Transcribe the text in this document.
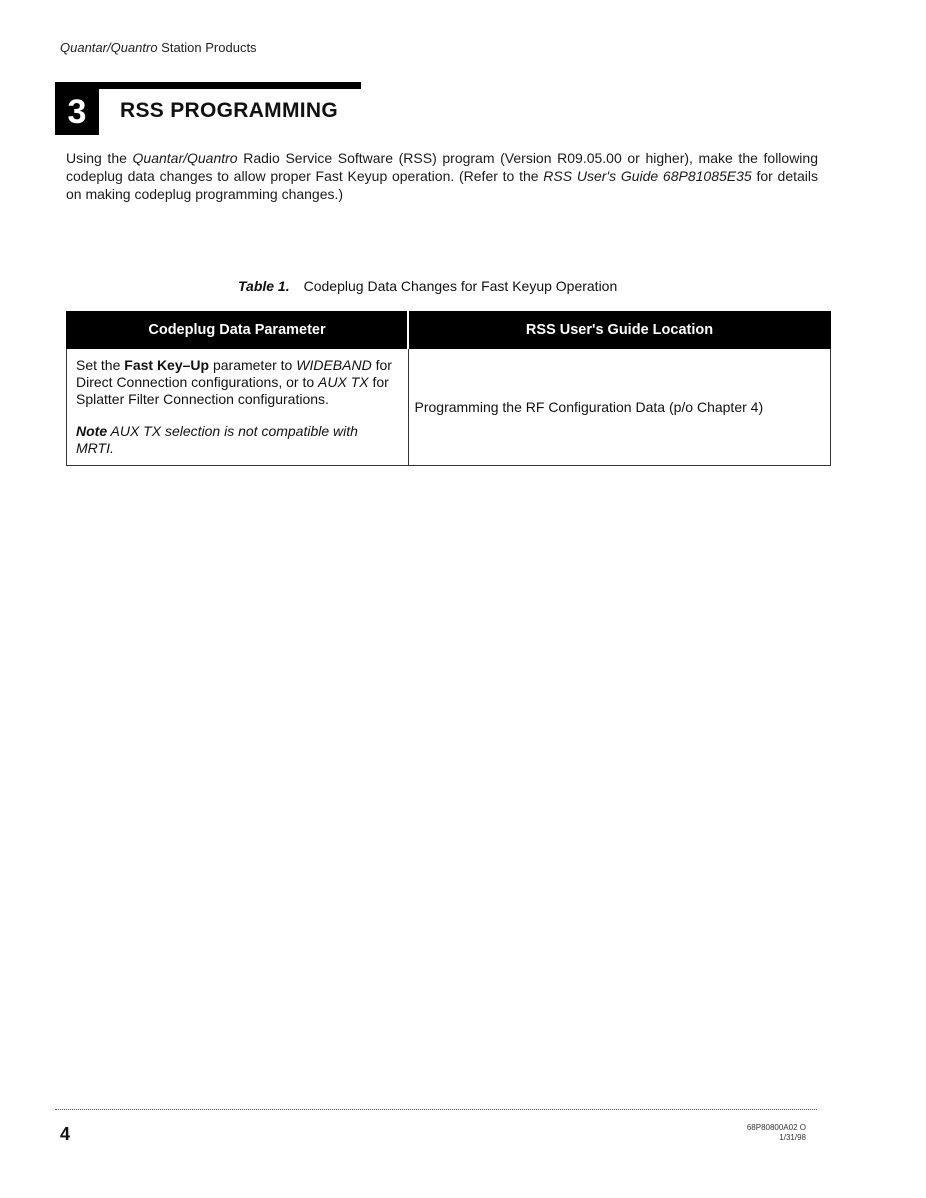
Quantar/Quantro Station Products
3	RSS PROGRAMMING

Using the Quantar/Quantro Radio Service Software (RSS) program (Version R09.05.00 or higher), make the following codeplug data changes to allow proper Fast Keyup operation. (Refer to the RSS User's Guide 68P81085E35 for details on making codeplug programming changes.)

Table 1. Codeplug Data Changes for Fast Keyup Operation
Codeplug Data Parameter	RSS User's Guide Location

Set the Fast Key–Up parameter to WIDEBAND for Direct Connection configurations, or to AUX TX for Splatter Filter Connection configurations.

Note AUX TX selection is not compatible with MRTI.	Programming the RF Configuration Data (p/o Chapter 4)
4	68P80800A02 O
1/31/98
